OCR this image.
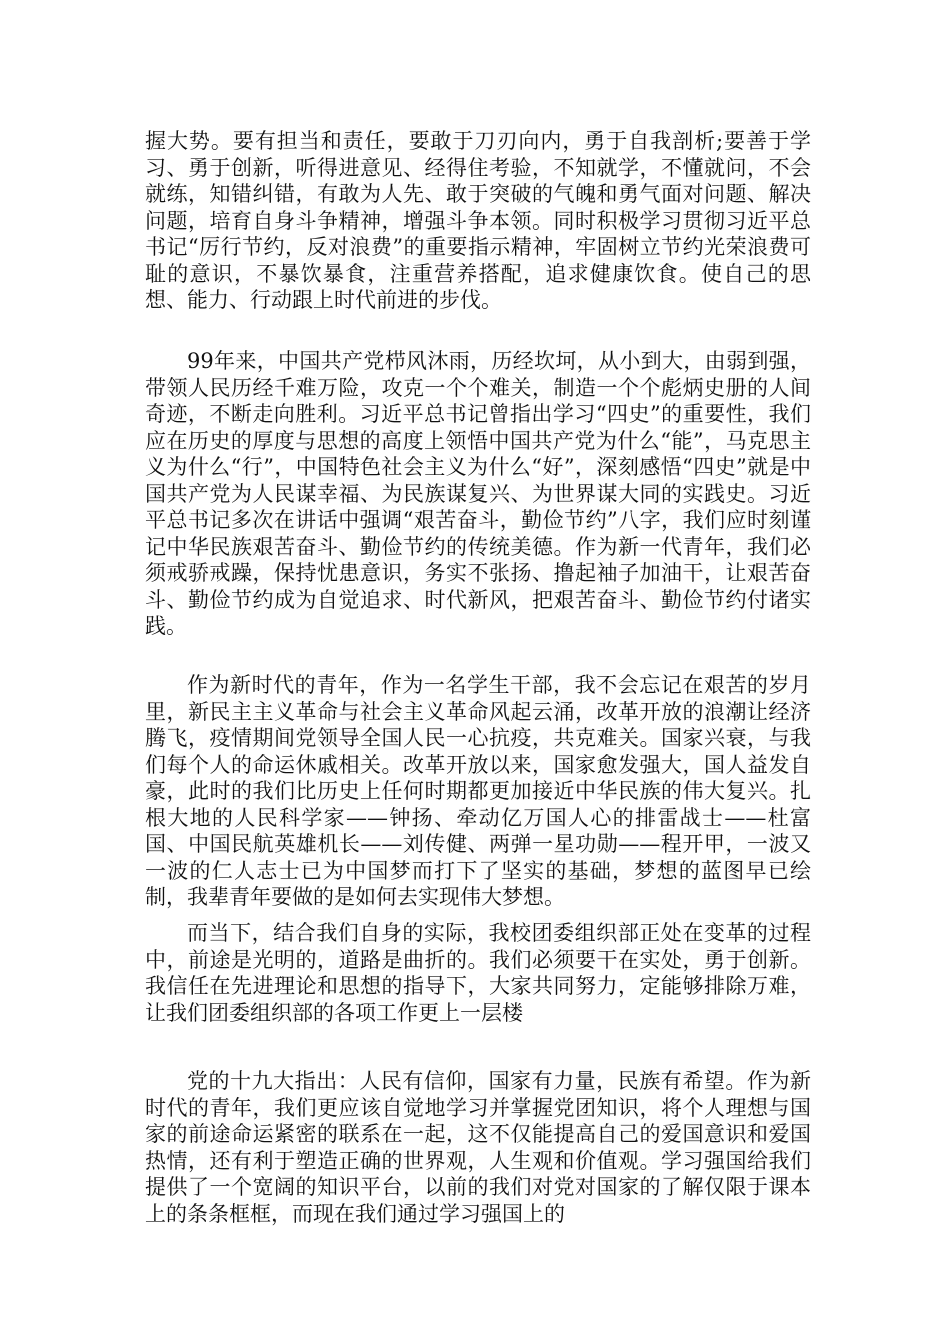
握大势。要有担当和责任，要敢于刀刃向内，勇于自我剖析;要善于学习、勇于创新，听得进意见、经得住考验，不知就学，不懂就问，不会就练，知错纠错，有敢为人先、敢于突破的气魄和勇气面对问题、解决问题，培育自身斗争精神，增强斗争本领。同时积极学习贯彻习近平总书记“厉行节约，反对浪费”的重要指示精神，牢固树立节约光荣浪费可耻的意识，不暴饮暴食，注重营养搭配，追求健康饮食。使自己的思想、能力、行动跟上时代前进的步伐。

99年来，中国共产党栉风沐雨，历经坎坷，从小到大，由弱到强，带领人民历经千难万险，攻克一个个难关，制造一个个彪炳史册的人间奇迹，不断走向胜利。习近平总书记曾指出学习“四史”的重要性，我们应在历史的厚度与思想的高度上领悟中国共产党为什么“能”，马克思主义为什么“行”，中国特色社会主义为什么“好”，深刻感悟“四史”就是中国共产党为人民谋幸福、为民族谋复兴、为世界谋大同的实践史。习近平总书记多次在讲话中强调“艰苦奋斗，勤俭节约”八字，我们应时刻谨记中华民族艰苦奋斗、勤俭节约的传统美德。作为新一代青年，我们必须戒骄戒躁，保持忧患意识，务实不张扬、撸起袖子加油干，让艰苦奋斗、勤俭节约成为自觉追求、时代新风，把艰苦奋斗、勤俭节约付诸实践。

作为新时代的青年，作为一名学生干部，我不会忘记在艰苦的岁月里，新民主主义革命与社会主义革命风起云涌，改革开放的浪潮让经济腾飞，疫情期间党领导全国人民一心抗疫，共克难关。国家兴衰，与我们每个人的命运休戚相关。改革开放以来，国家愈发强大，国人益发自豪，此时的我们比历史上任何时期都更加接近中华民族的伟大复兴。扎根大地的人民科学家——钟扬、牵动亿万国人心的排雷战士——杜富国、中国民航英雄机长——刘传健、两弹一星功勋——程开甲，一波又一波的仁人志士已为中国梦而打下了坚实的基础，梦想的蓝图早已绘制，我辈青年要做的是如何去实现伟大梦想。

而当下，结合我们自身的实际，我校团委组织部正处在变革的过程中，前途是光明的，道路是曲折的。我们必须要干在实处，勇于创新。我信任在先进理论和思想的指导下，大家共同努力，定能够排除万难，让我们团委组织部的各项工作更上一层楼

党的十九大指出：人民有信仰，国家有力量，民族有希望。作为新时代的青年，我们更应该自觉地学习并掌握党团知识，将个人理想与国家的前途命运紧密的联系在一起，这不仅能提高自己的爱国意识和爱国热情，还有利于塑造正确的世界观，人生观和价值观。学习强国给我们提供了一个宽阔的知识平台，以前的我们对党对国家的了解仅限于课本上的条条框框，而现在我们通过学习强国上的
